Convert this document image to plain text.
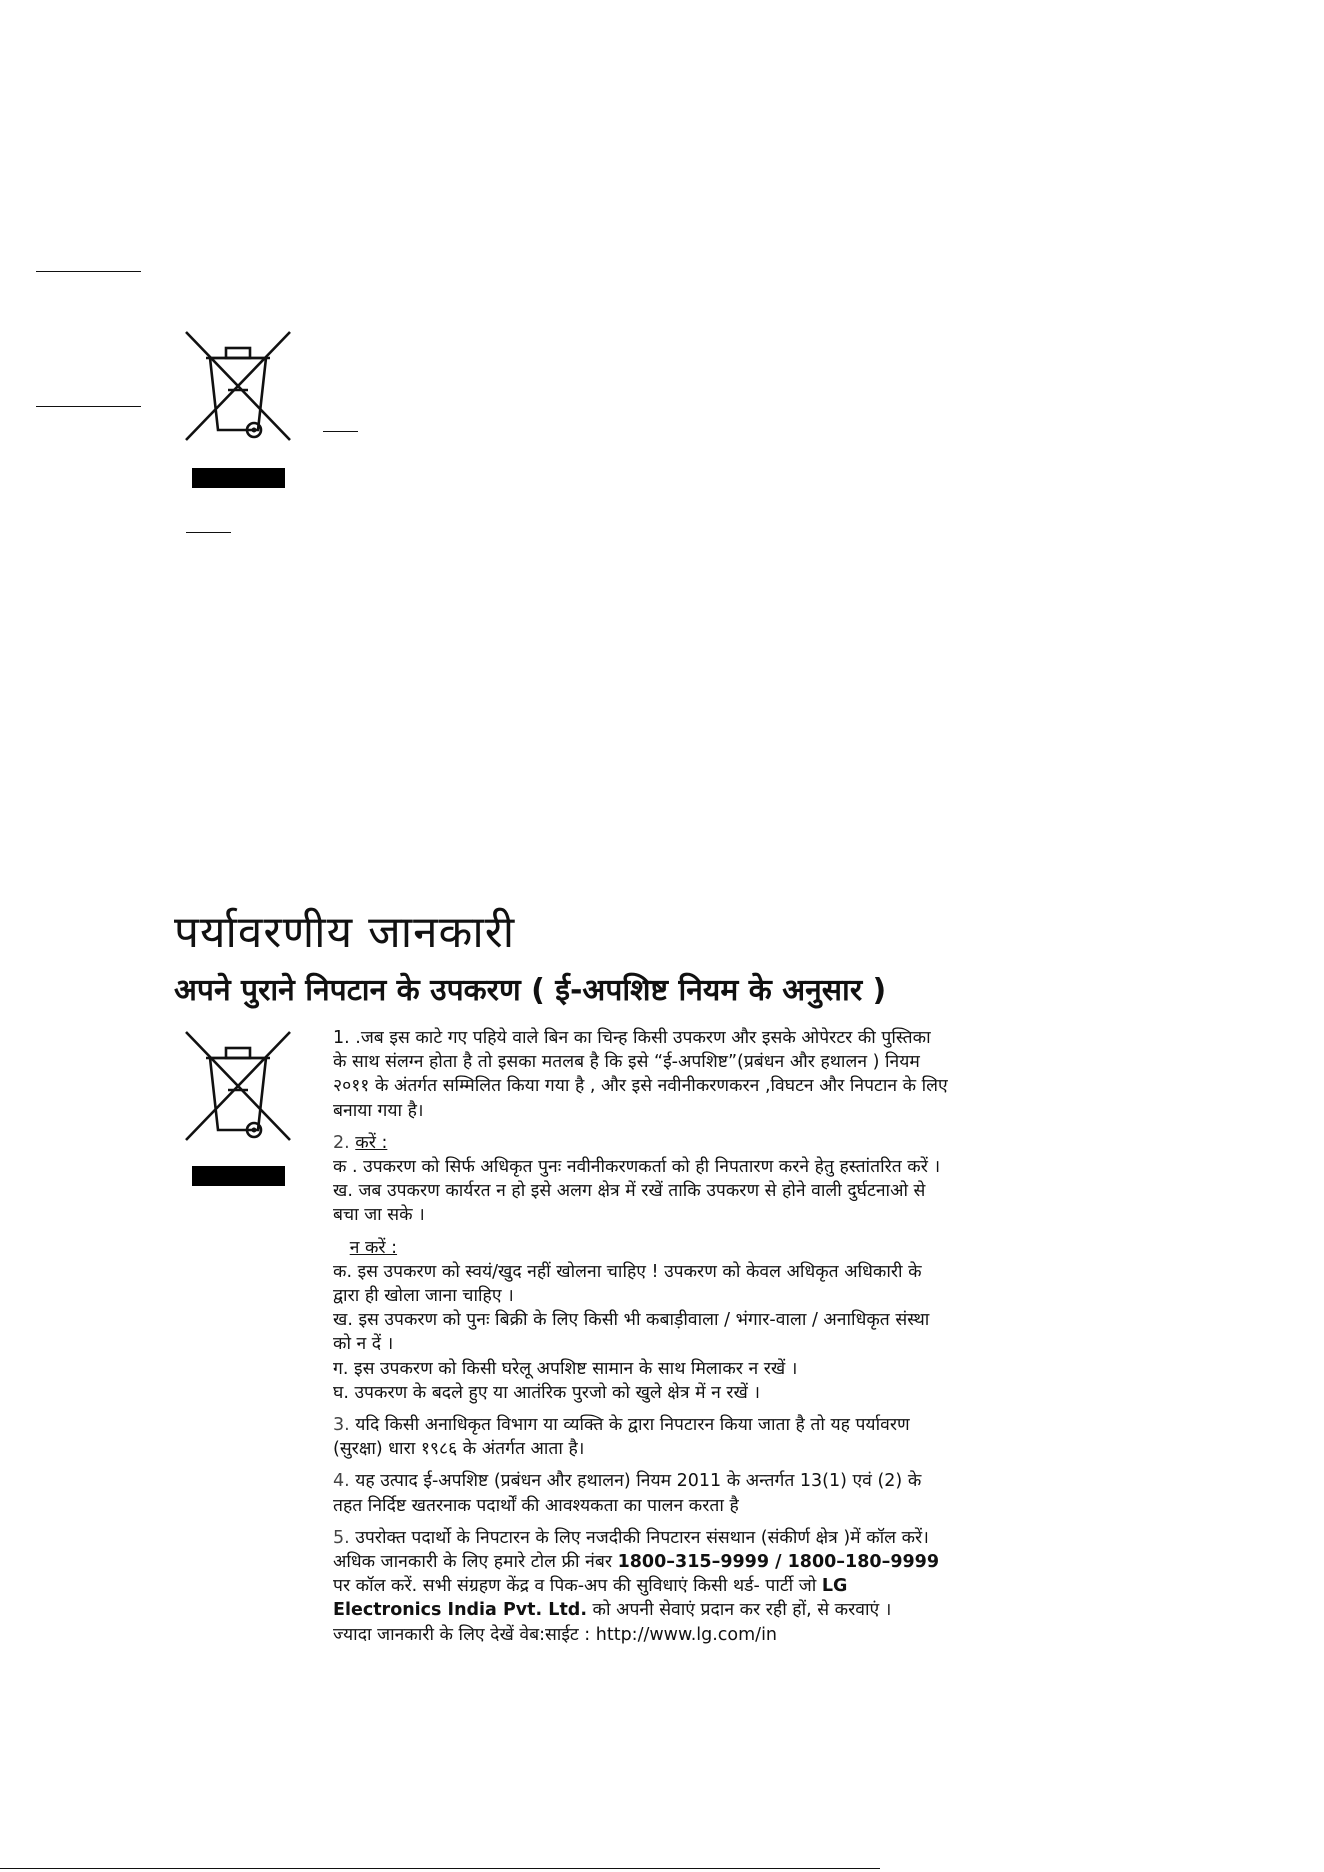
पर्यावरणीय जानकारी
अपने पुराने निपटान के उपकरण ( ई-अपशिष्ट नियम के अनुसार )

1. .जब इस काटे गए पहिये वाले बिन का चिन्ह किसी उपकरण और इसके ओपेरटर की पुस्तिका के साथ संलग्न होता है तो इसका मतलब है कि इसे “ई-अपशिष्ट”(प्रबंधन और हथालन ) नियम २०११ के अंतर्गत सम्मिलित किया गया है , और इसे नवीनीकरणकरन ,विघटन और निपटान के लिए बनाया गया है।

2. करें :

क . उपकरण को सिर्फ अधिकृत पुनः नवीनीकरणकर्ता को ही निपतारण करने हेतु हस्तांतरित करें ।

ख. जब उपकरण कार्यरत न हो इसे अलग क्षेत्र में रखें ताकि उपकरण से होने वाली दुर्घटनाओ से बचा जा सके ।

न करें :

क. इस उपकरण को स्वयं/खुद नहीं खोलना चाहिए ! उपकरण को केवल अधिकृत अधिकारी के द्वारा ही खोला जाना चाहिए ।

ख. इस उपकरण को पुनः बिक्री के लिए किसी भी कबाड़ीवाला / भंगार-वाला / अनाधिकृत संस्था को न दें ।

ग. इस उपकरण को किसी घरेलू अपशिष्ट सामान के साथ मिलाकर न रखें ।

घ. उपकरण के बदले हुए या आतंरिक पुरजो को खुले क्षेत्र में न रखें ।

3. यदि किसी अनाधिकृत विभाग या व्यक्ति के द्वारा निपटारन किया जाता है तो यह पर्यावरण (सुरक्षा) धारा १९८६ के अंतर्गत आता है।

4. यह उत्पाद ई-अपशिष्ट (प्रबंधन और हथालन) नियम 2011 के अन्तर्गत 13(1) एवं (2) के तहत निर्दिष्ट खतरनाक पदार्थों की आवश्यकता का पालन करता है

5. उपरोक्त पदार्थो के निपटारन के लिए नजदीकी निपटारन संसथान (संकीर्ण क्षेत्र )में कॉल करें। अधिक जानकारी के लिए हमारे टोल फ्री नंबर 1800–315–9999 / 1800–180–9999 पर कॉल करें. सभी संग्रहण केंद्र व पिक-अप की सुविधाएं किसी थर्ड- पार्टी जो LG Electronics India Pvt. Ltd. को अपनी सेवाएं प्रदान कर रही हों, से करवाएं ।

ज्यादा जानकारी के लिए देखें वेब:साईट : http://www.lg.com/in
